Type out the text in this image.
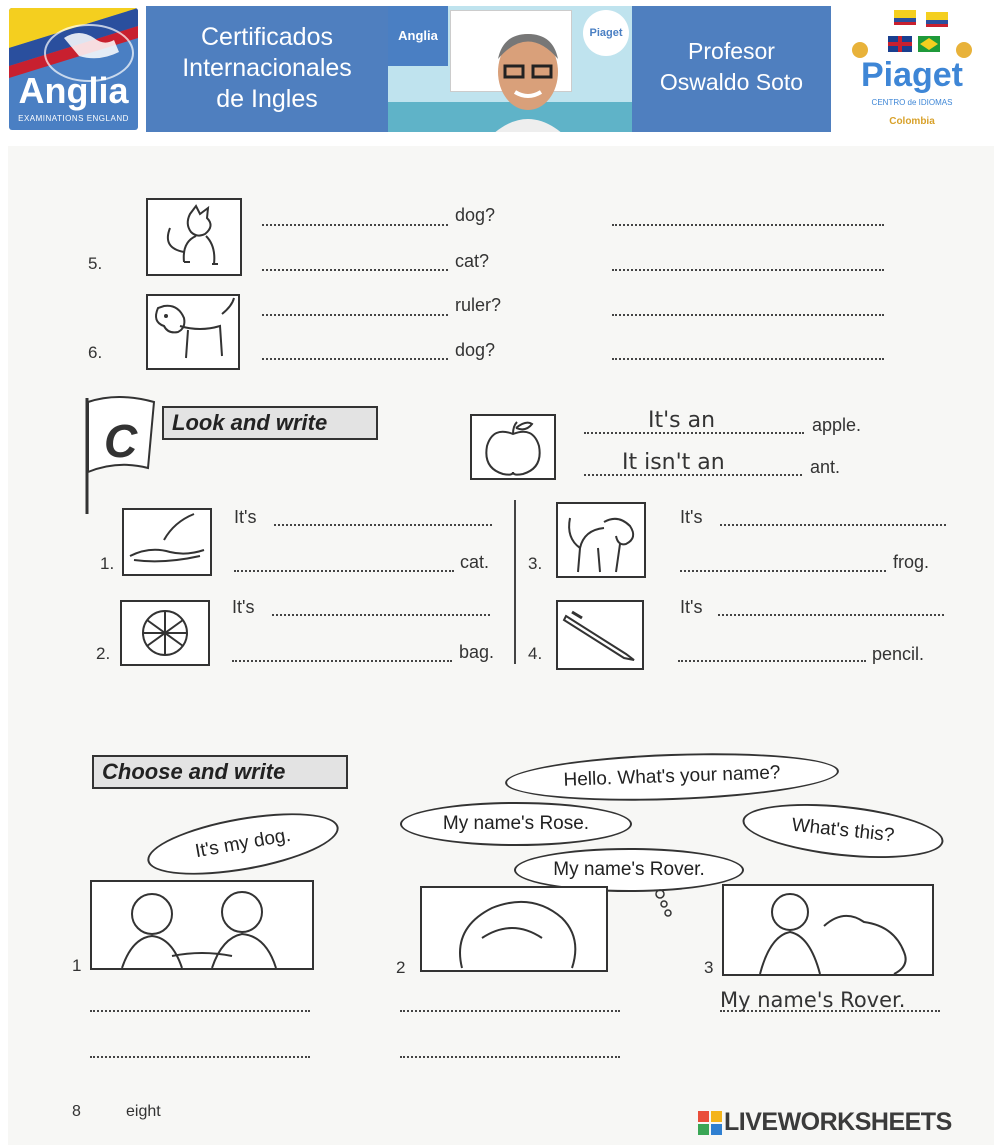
Anglia
EXAMINATIONS ENGLAND
Certificados
Internacionales
de Ingles
Anglia	Piaget
Profesor
Oswaldo Soto	Piaget
CENTRO de IDIOMAS
Colombia
5.
dog?
cat?
6.
ruler?
dog?
C	Look and write	It's an	apple.
It isn't an	ant.
1.
It's
cat.
2.
It's
bag.
3.
It's
frog.
4.
It's
pencil.
Choose and write	Hello. What's your name?
My name's Rose.	What's this?
My name's Rover.
It's my dog.
1	2	3
My name's Rover.
8	eight	LIVEWORKSHEETS
